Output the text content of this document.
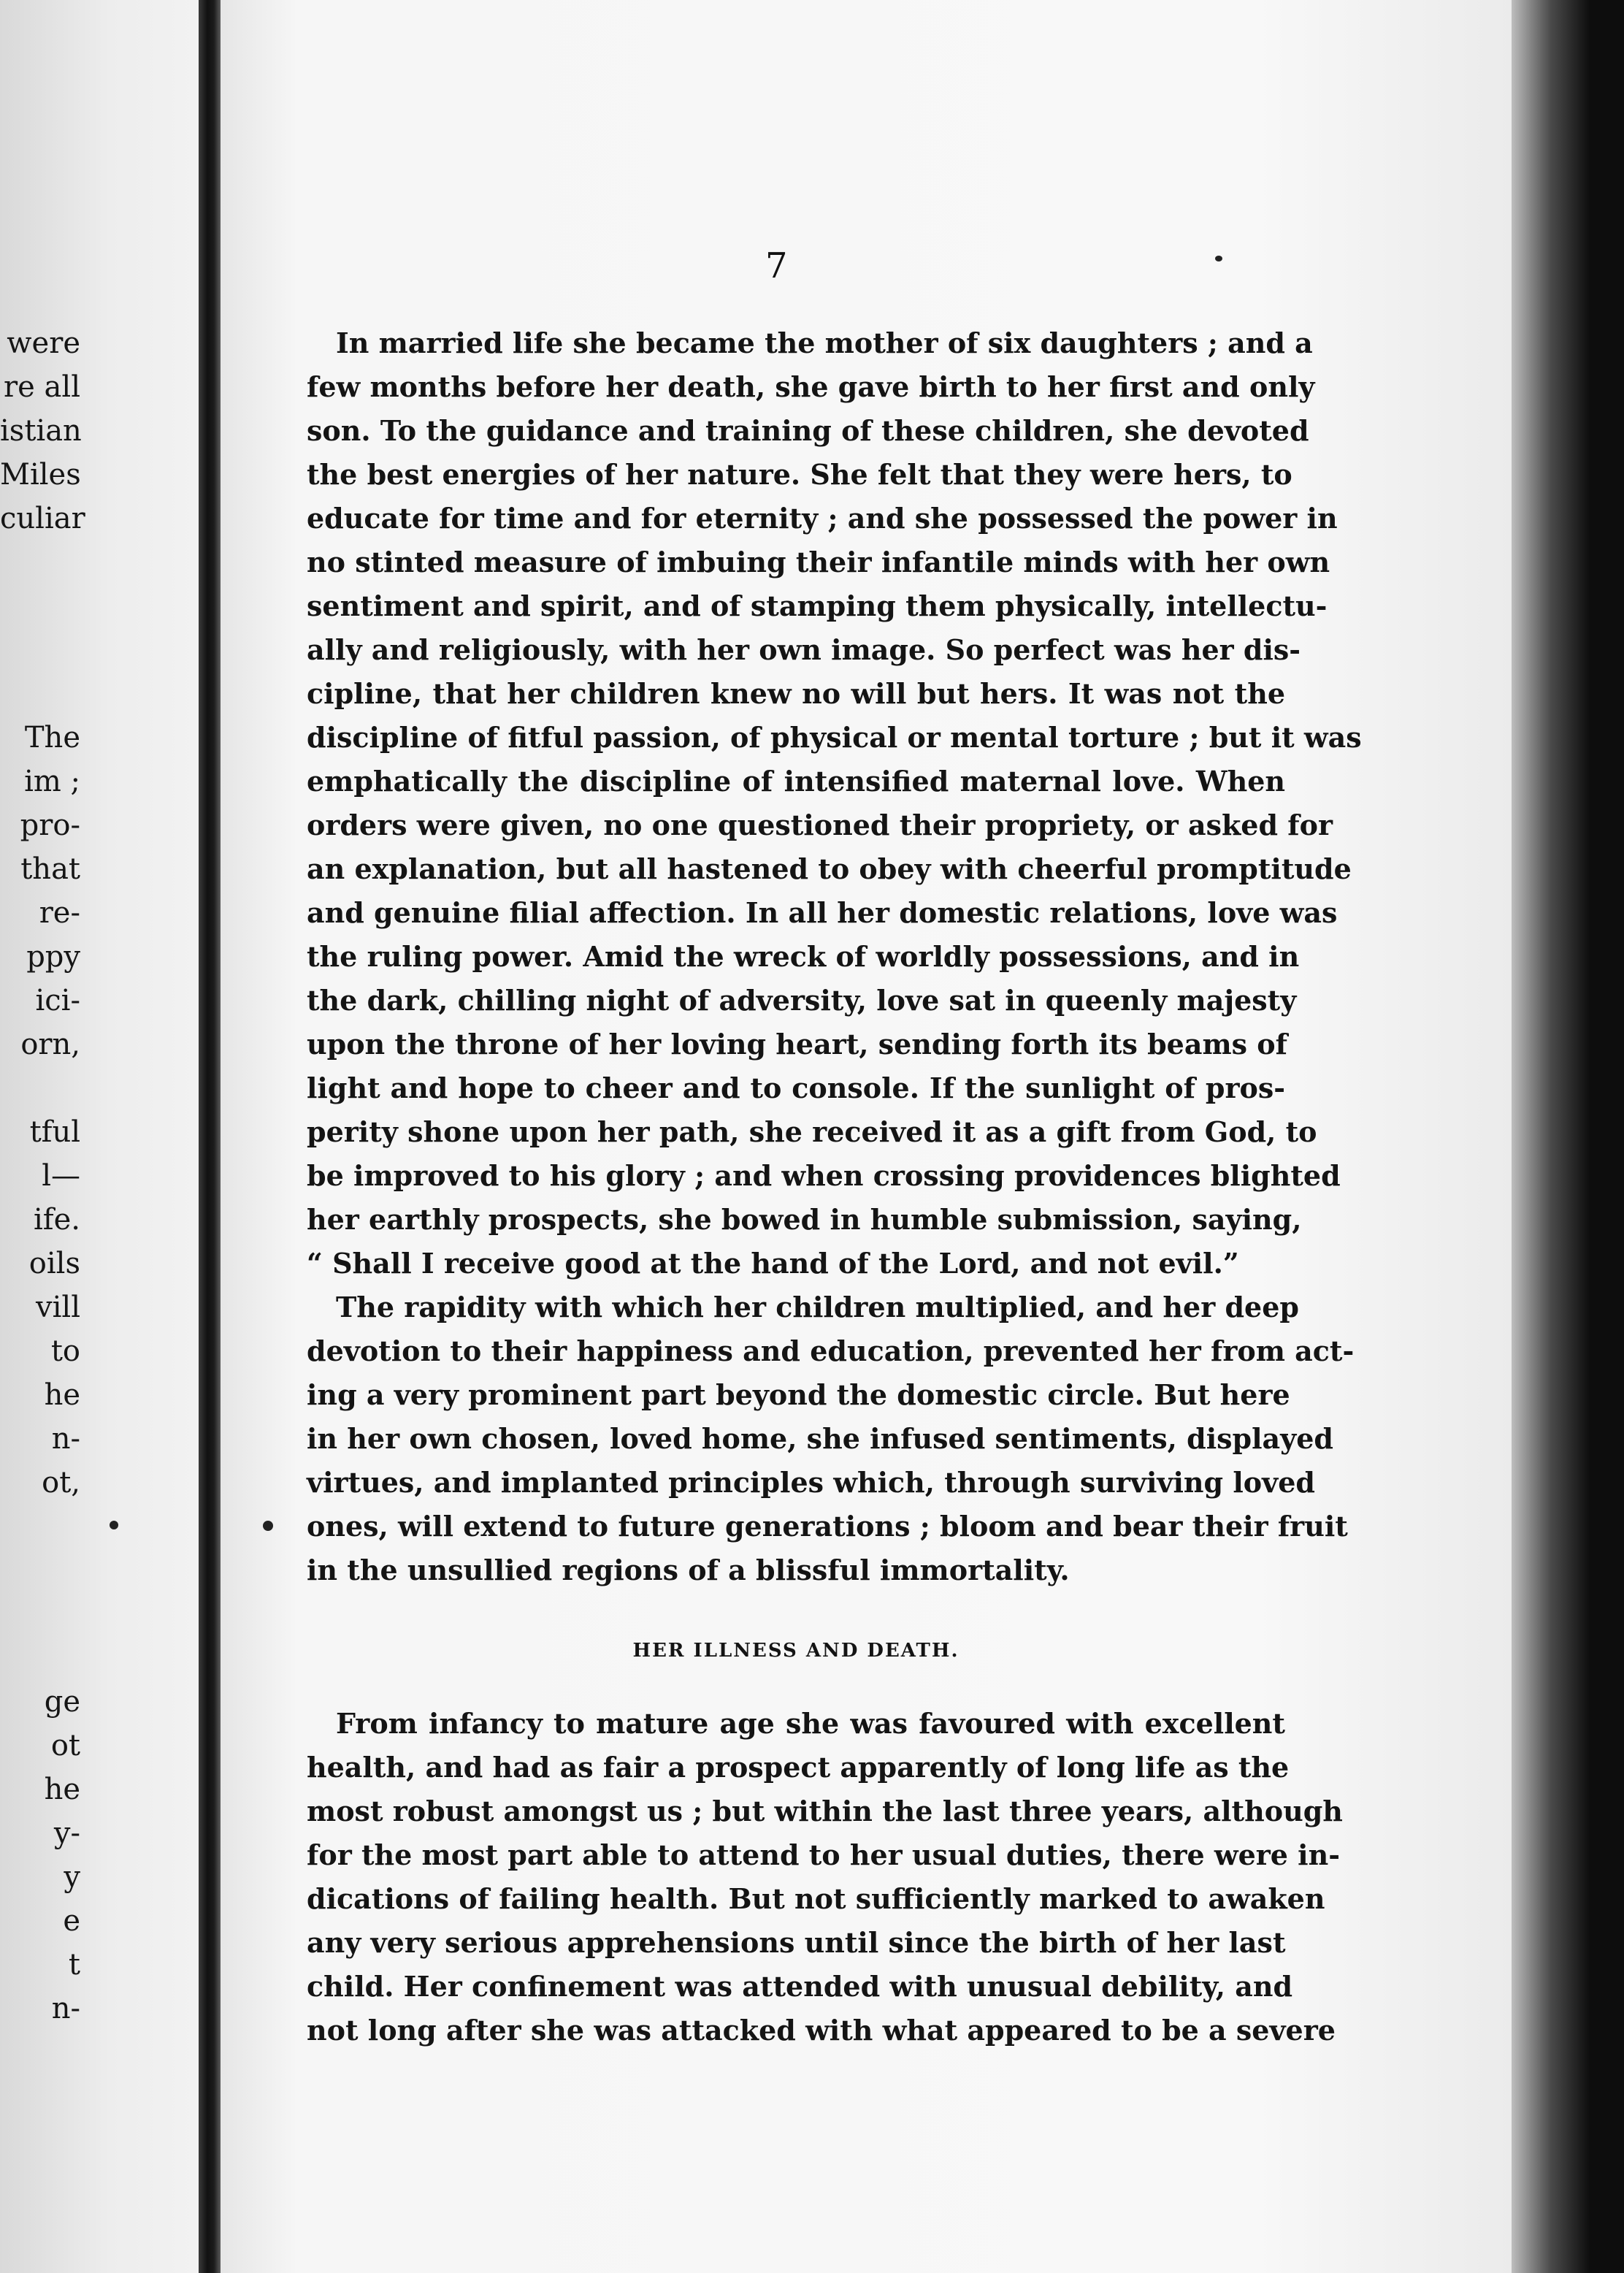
were
re all
istian
Miles
culiar
The
im ;
pro-
that
re-
ppy
ici-
orn,
tful
l—
ife.
oils
vill
to
he
n-
ot,
ge
ot
he
y-
y
e
t
n-
7
In married life she became the mother of six daughters ; and a
few months before her death, she gave birth to her first and only
son. To the guidance and training of these children, she devoted
the best energies of her nature. She felt that they were hers, to
educate for time and for eternity ; and she possessed the power in
no stinted measure of imbuing their infantile minds with her own
sentiment and spirit, and of stamping them physically, intellectu-
ally and religiously, with her own image. So perfect was her dis-
cipline, that her children knew no will but hers. It was not the
discipline of fitful passion, of physical or mental torture ; but it was
emphatically the discipline of intensified maternal love. When
orders were given, no one questioned their propriety, or asked for
an explanation, but all hastened to obey with cheerful promptitude
and genuine filial affection. In all her domestic relations, love was
the ruling power. Amid the wreck of worldly possessions, and in
the dark, chilling night of adversity, love sat in queenly majesty
upon the throne of her loving heart, sending forth its beams of
light and hope to cheer and to console. If the sunlight of pros-
perity shone upon her path, she received it as a gift from God, to
be improved to his glory ; and when crossing providences blighted
her earthly prospects, she bowed in humble submission, saying,
“ Shall I receive good at the hand of the Lord, and not evil.”
The rapidity with which her children multiplied, and her deep
devotion to their happiness and education, prevented her from act-
ing a very prominent part beyond the domestic circle. But here
in her own chosen, loved home, she infused sentiments, displayed
virtues, and implanted principles which, through surviving loved
ones, will extend to future generations ; bloom and bear their fruit
in the unsullied regions of a blissful immortality.
HER ILLNESS AND DEATH.
From infancy to mature age she was favoured with excellent
health, and had as fair a prospect apparently of long life as the
most robust amongst us ; but within the last three years, although
for the most part able to attend to her usual duties, there were in-
dications of failing health. But not sufficiently marked to awaken
any very serious apprehensions until since the birth of her last
child. Her confinement was attended with unusual debility, and
not long after she was attacked with what appeared to be a severe
